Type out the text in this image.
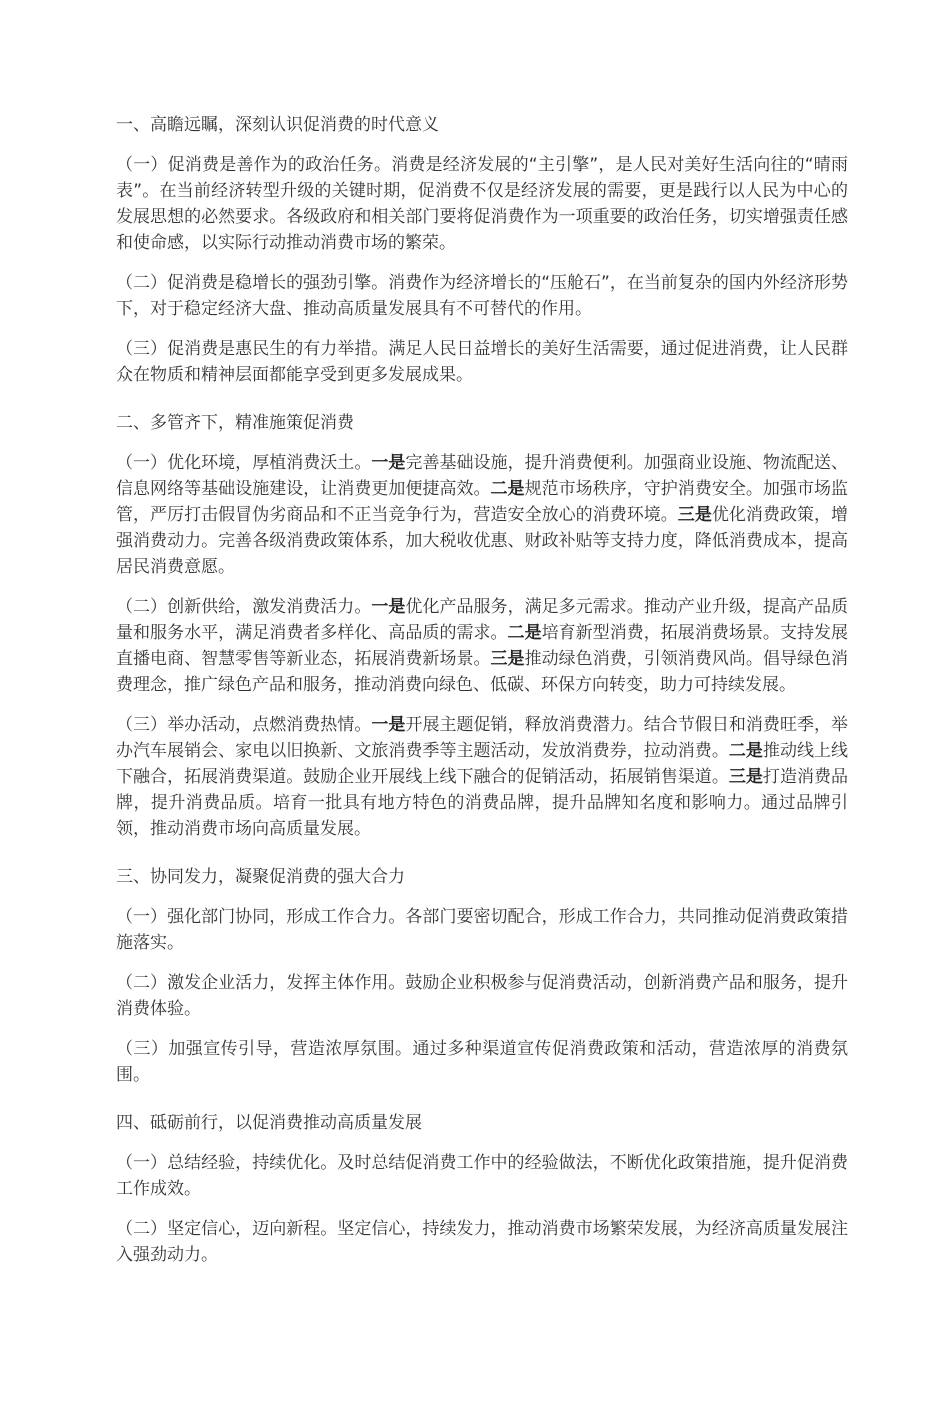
一、高瞻远瞩，深刻认识促消费的时代意义

（一）促消费是善作为的政治任务。消费是经济发展的“主引擎”，是人民对美好生活向往的“晴雨表”。在当前经济转型升级的关键时期，促消费不仅是经济发展的需要，更是践行以人民为中心的发展思想的必然要求。各级政府和相关部门要将促消费作为一项重要的政治任务，切实增强责任感和使命感，以实际行动推动消费市场的繁荣。

（二）促消费是稳增长的强劲引擎。消费作为经济增长的“压舱石”，在当前复杂的国内外经济形势下，对于稳定经济大盘、推动高质量发展具有不可替代的作用。

（三）促消费是惠民生的有力举措。满足人民日益增长的美好生活需要，通过促进消费，让人民群众在物质和精神层面都能享受到更多发展成果。

二、多管齐下，精准施策促消费

（一）优化环境，厚植消费沃土。一是完善基础设施，提升消费便利。加强商业设施、物流配送、信息网络等基础设施建设，让消费更加便捷高效。二是规范市场秩序，守护消费安全。加强市场监管，严厉打击假冒伪劣商品和不正当竞争行为，营造安全放心的消费环境。三是优化消费政策，增强消费动力。完善各级消费政策体系，加大税收优惠、财政补贴等支持力度，降低消费成本，提高居民消费意愿。

（二）创新供给，激发消费活力。一是优化产品服务，满足多元需求。推动产业升级，提高产品质量和服务水平，满足消费者多样化、高品质的需求。二是培育新型消费，拓展消费场景。支持发展直播电商、智慧零售等新业态，拓展消费新场景。三是推动绿色消费，引领消费风尚。倡导绿色消费理念，推广绿色产品和服务，推动消费向绿色、低碳、环保方向转变，助力可持续发展。

（三）举办活动，点燃消费热情。一是开展主题促销，释放消费潜力。结合节假日和消费旺季，举办汽车展销会、家电以旧换新、文旅消费季等主题活动，发放消费券，拉动消费。二是推动线上线下融合，拓展消费渠道。鼓励企业开展线上线下融合的促销活动，拓展销售渠道。三是打造消费品牌，提升消费品质。培育一批具有地方特色的消费品牌，提升品牌知名度和影响力。通过品牌引领，推动消费市场向高质量发展。

三、协同发力，凝聚促消费的强大合力

（一）强化部门协同，形成工作合力。各部门要密切配合，形成工作合力，共同推动促消费政策措施落实。

（二）激发企业活力，发挥主体作用。鼓励企业积极参与促消费活动，创新消费产品和服务，提升消费体验。

（三）加强宣传引导，营造浓厚氛围。通过多种渠道宣传促消费政策和活动，营造浓厚的消费氛围。

四、砥砺前行，以促消费推动高质量发展

（一）总结经验，持续优化。及时总结促消费工作中的经验做法，不断优化政策措施，提升促消费工作成效。

（二）坚定信心，迈向新程。坚定信心，持续发力，推动消费市场繁荣发展，为经济高质量发展注入强劲动力。
